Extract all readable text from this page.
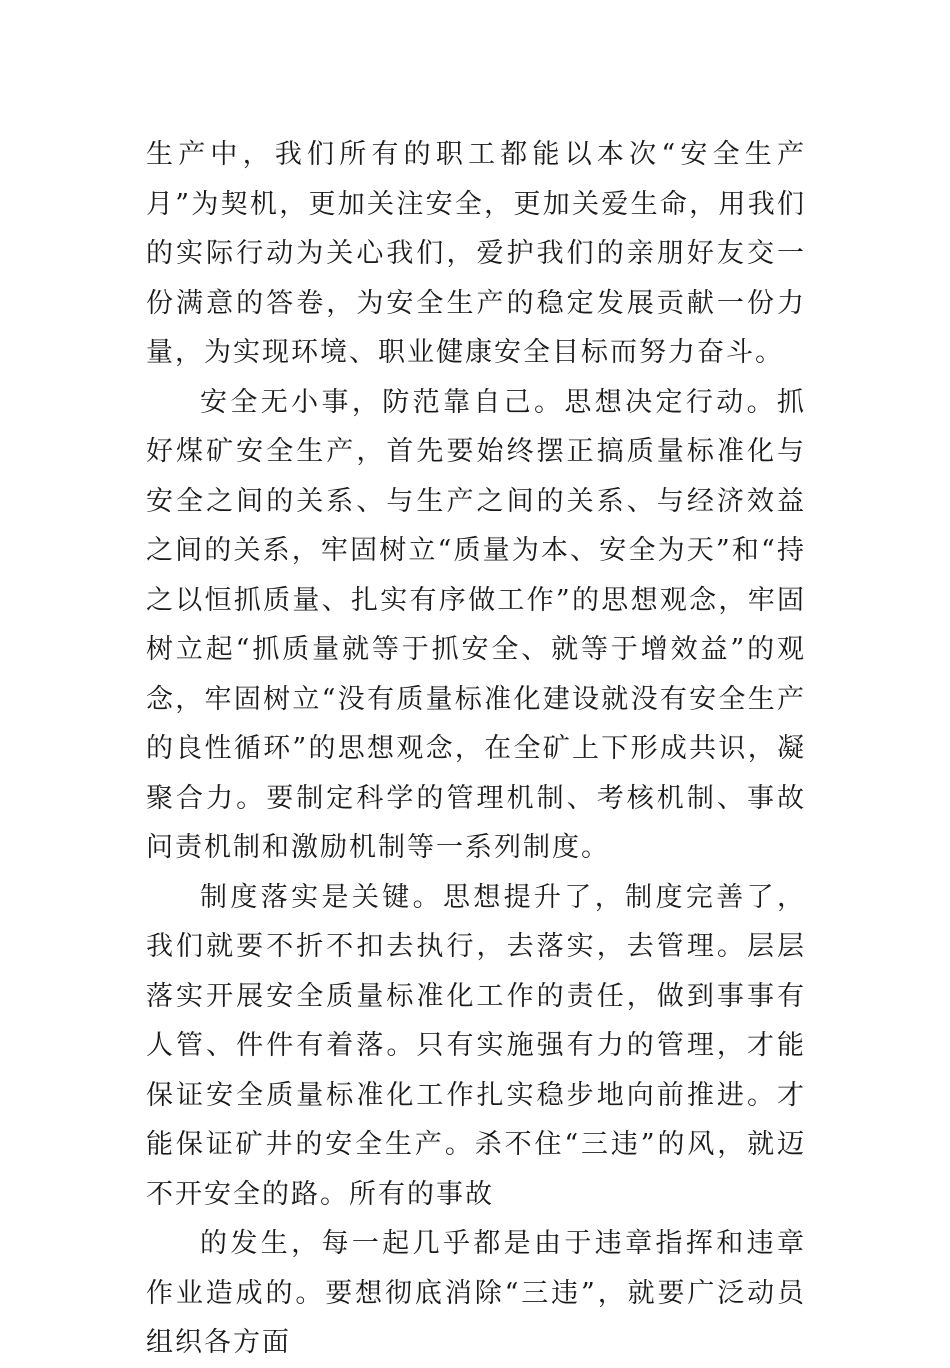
生产中，我们所有的职工都能以本次“安全生产月”为契机，更加关注安全，更加关爱生命，用我们的实际行动为关心我们，爱护我们的亲朋好友交一份满意的答卷，为安全生产的稳定发展贡献一份力量，为实现环境、职业健康安全目标而努力奋斗。

安全无小事，防范靠自己。思想决定行动。抓好煤矿安全生产，首先要始终摆正搞质量标准化与安全之间的关系、与生产之间的关系、与经济效益之间的关系，牢固树立“质量为本、安全为天”和“持之以恒抓质量、扎实有序做工作”的思想观念，牢固树立起“抓质量就等于抓安全、就等于增效益”的观念，牢固树立“没有质量标准化建设就没有安全生产的良性循环”的思想观念，在全矿上下形成共识，凝聚合力。要制定科学的管理机制、考核机制、事故问责机制和激励机制等一系列制度。

制度落实是关键。思想提升了，制度完善了，我们就要不折不扣去执行，去落实，去管理。层层落实开展安全质量标准化工作的责任，做到事事有人管、件件有着落。只有实施强有力的管理，才能保证安全质量标准化工作扎实稳步地向前推进。才能保证矿井的安全生产。杀不住“三违”的风，就迈不开安全的路。所有的事故

的发生，每一起几乎都是由于违章指挥和违章作业造成的。要想彻底消除“三违”，就要广泛动员组织各方面
